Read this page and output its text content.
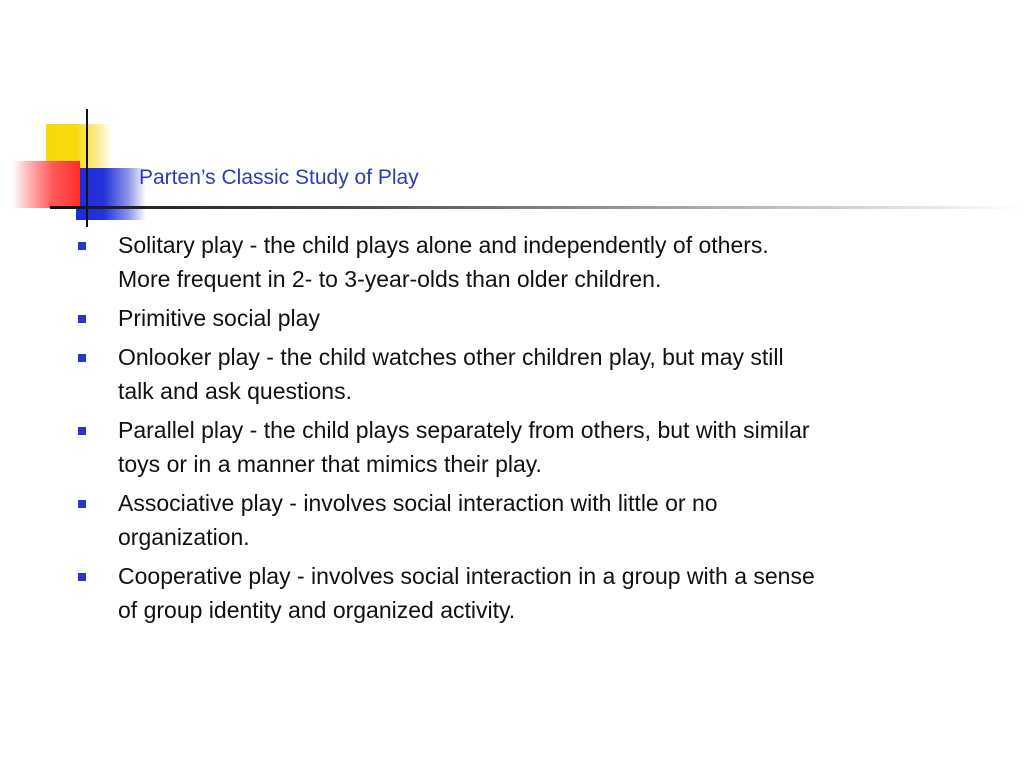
Parten’s Classic Study of Play
Solitary play - the child plays alone and independently of others.
More frequent in 2- to 3-year-olds than older children.
Primitive social play
Onlooker play - the child watches other children play, but may still
talk and ask questions.
Parallel play - the child plays separately from others, but with similar
toys or in a manner that mimics their play.
Associative play - involves social interaction with little or no
organization.
Cooperative play - involves social interaction in a group with a sense
of group identity and organized activity.
